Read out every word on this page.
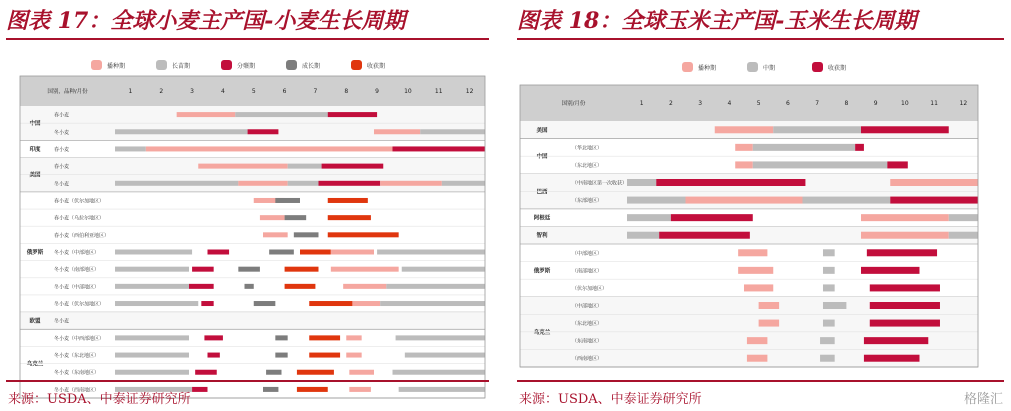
图表 17：全球小麦主产国-小麦生长周期
播种期	长苗期	分蘖期	成长期	收获期
国别，品种/月份	1	2	3	4	5	6	7	8	9	10	11	12
中国
春小麦
冬小麦
印度	春小麦
美国
春小麦
冬小麦
俄罗斯
春小麦（伏尔加地区）
春小麦（乌拉尔地区）
春小麦（西伯利亚地区）
冬小麦（中部地区）
冬小麦（南部地区）
冬小麦（中部地区）
冬小麦（伏尔加地区）
欧盟	冬小麦
乌克兰
冬小麦（中西部地区）
冬小麦（东北地区）
冬小麦（东南地区）
冬小麦（西南地区）
来源：USDA、中泰证券研究所
图表 18：全球玉米主产国-玉米生长周期
播种期	中期	收获期
国别/月份	1	2	3	4	5	6	7	8	9	10	11	12
美国
中国
（华北地区）
（东北地区）
巴西
（中南地区第一次收获）
（东部地区）
阿根廷
智利
俄罗斯
（中部地区）
（南部地区）
（伏尔加地区）
乌克兰
（中部地区）
（东北地区）
（东南地区）
（西南地区）
来源：USDA、中泰证券研究所	格隆汇
